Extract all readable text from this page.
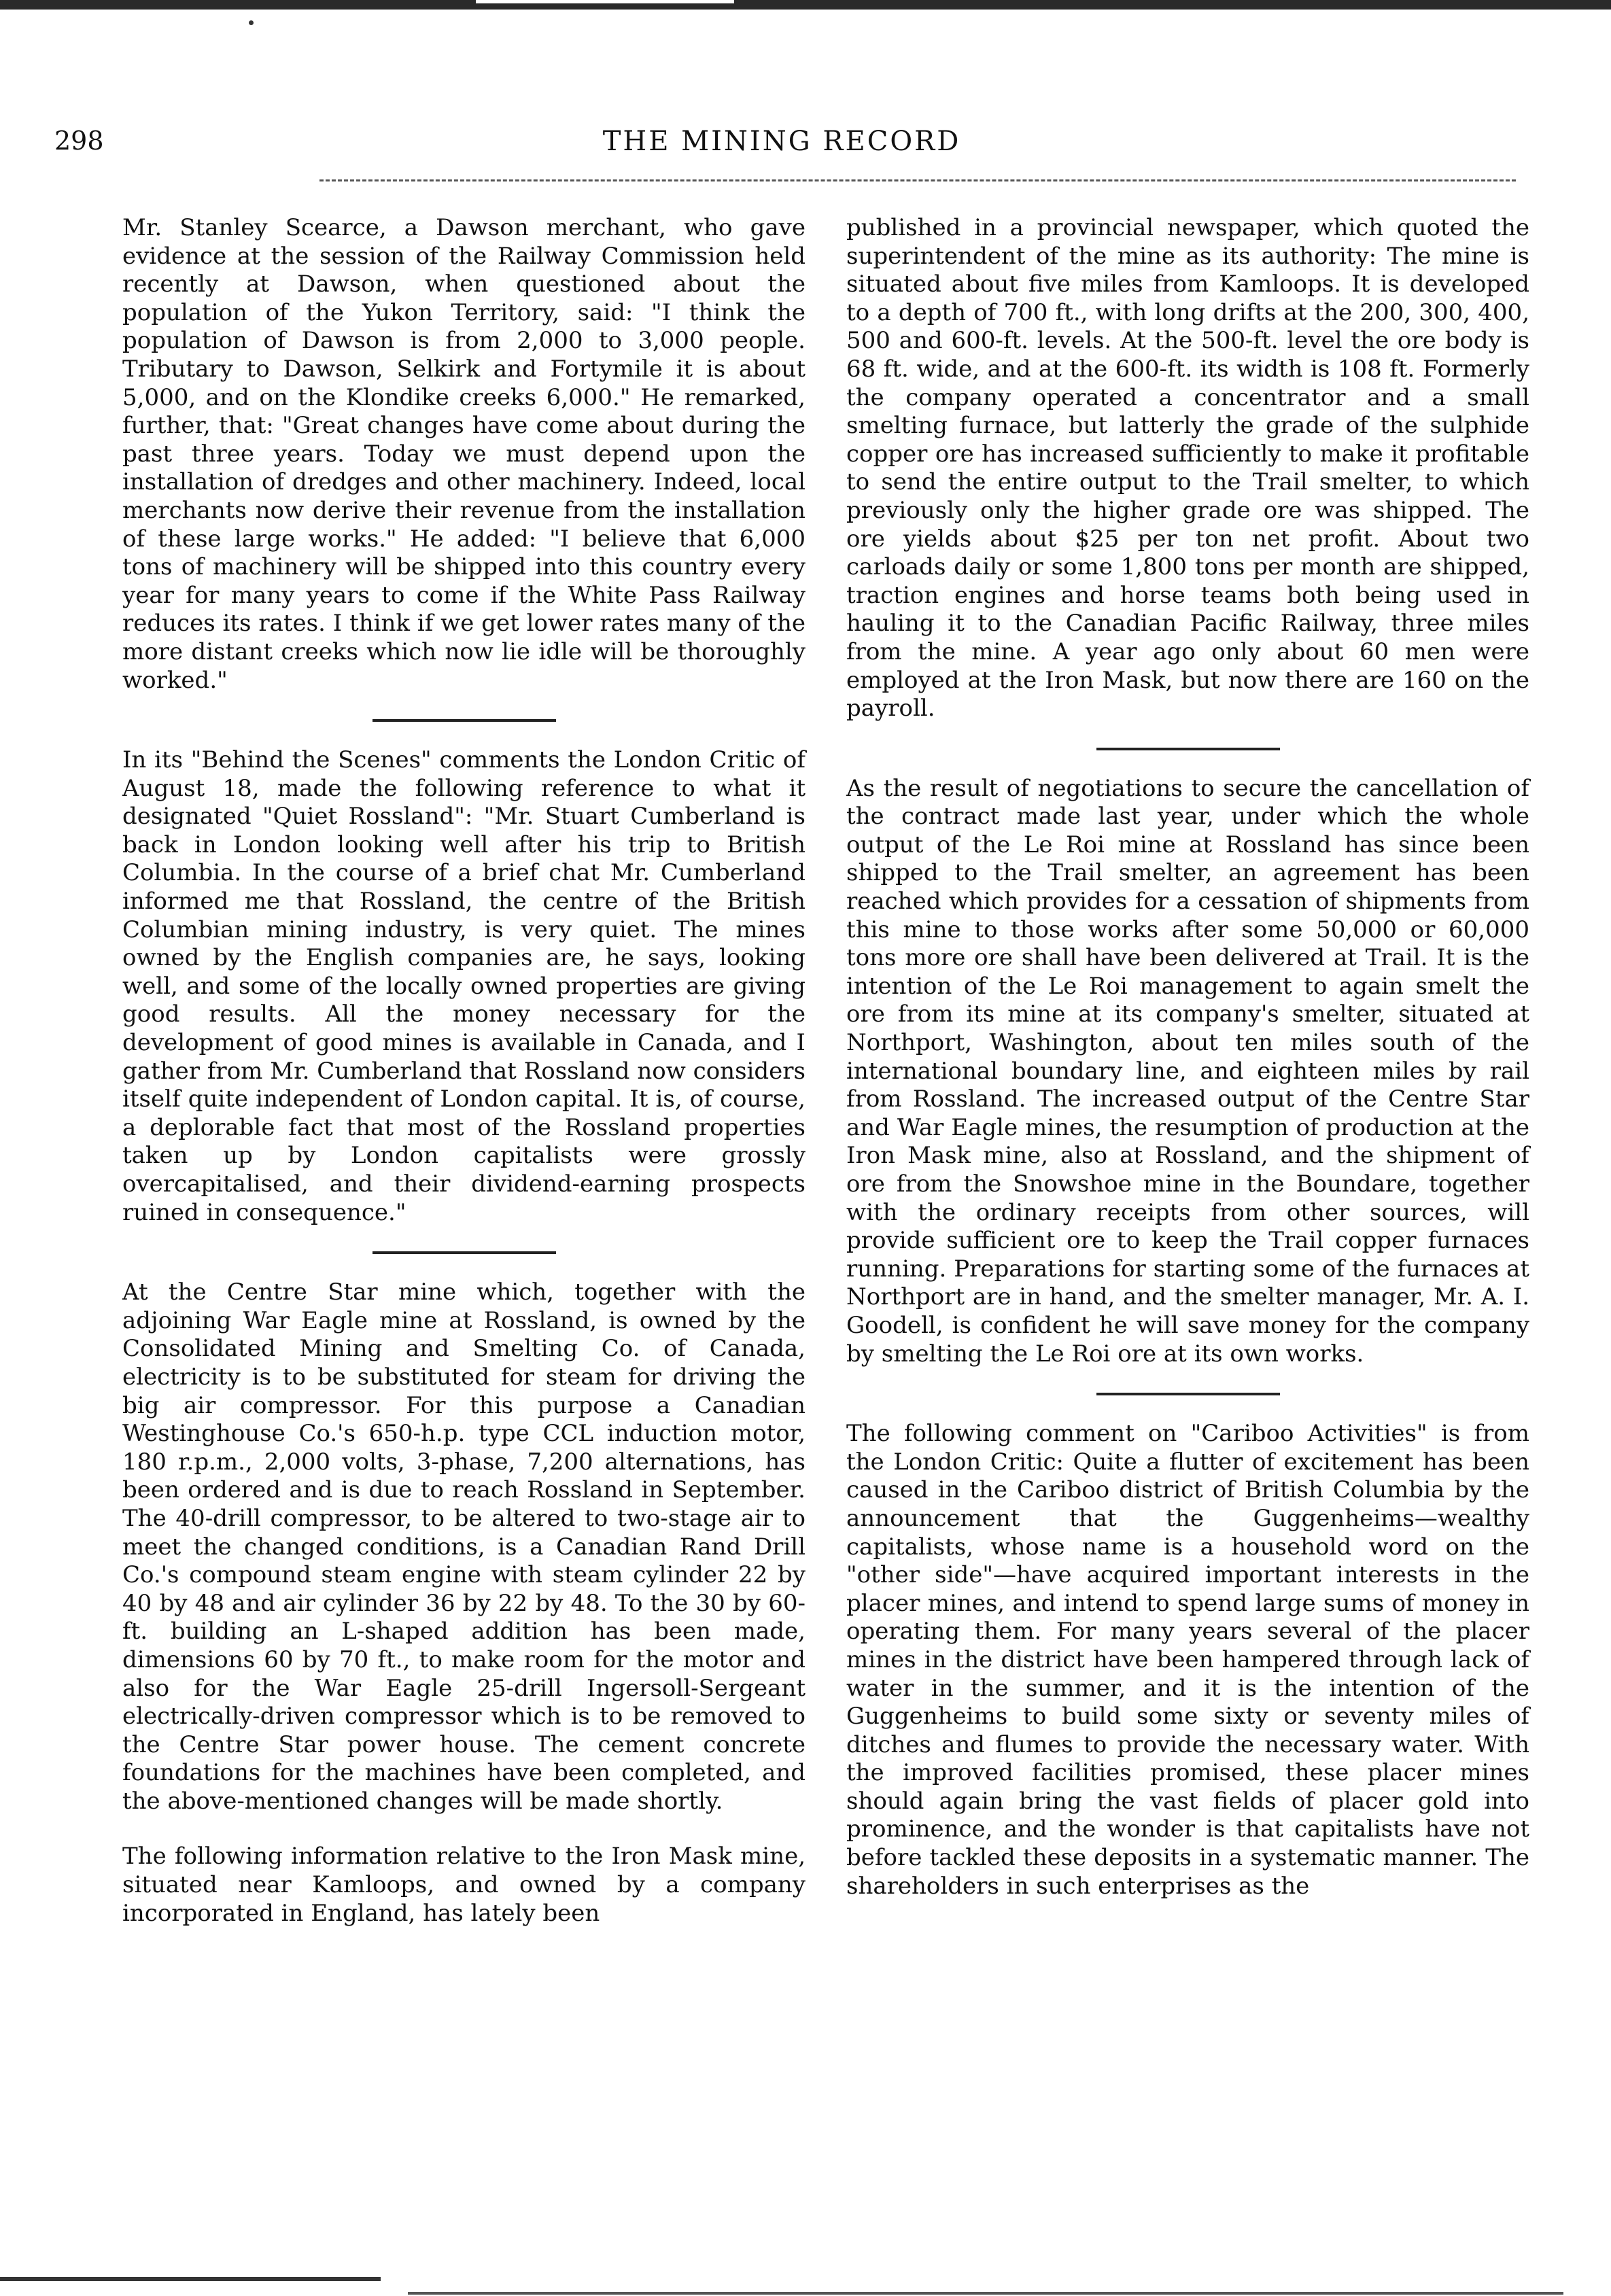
298	THE MINING RECORD

Mr. Stanley Scearce, a Dawson merchant, who gave evidence at the session of the Railway Commission held recently at Dawson, when questioned about the population of the Yukon Territory, said: "I think the population of Dawson is from 2,000 to 3,000 people. Tributary to Dawson, Selkirk and Fortymile it is about 5,000, and on the Klondike creeks 6,000." He remarked, further, that: "Great changes have come about during the past three years. Today we must depend upon the installation of dredges and other machinery. Indeed, local merchants now derive their revenue from the installation of these large works." He added: "I believe that 6,000 tons of machinery will be shipped into this country every year for many years to come if the White Pass Railway reduces its rates. I think if we get lower rates many of the more distant creeks which now lie idle will be thoroughly worked."

In its "Behind the Scenes" comments the London Critic of August 18, made the following reference to what it designated "Quiet Rossland": "Mr. Stuart Cumberland is back in London looking well after his trip to British Columbia. In the course of a brief chat Mr. Cumberland informed me that Rossland, the centre of the British Columbian mining industry, is very quiet. The mines owned by the English companies are, he says, looking well, and some of the locally owned properties are giving good results. All the money necessary for the development of good mines is available in Canada, and I gather from Mr. Cumberland that Rossland now considers itself quite independent of London capital. It is, of course, a deplorable fact that most of the Rossland properties taken up by London capitalists were grossly overcapitalised, and their dividend-earning prospects ruined in consequence."

At the Centre Star mine which, together with the adjoining War Eagle mine at Rossland, is owned by the Consolidated Mining and Smelting Co. of Canada, electricity is to be substituted for steam for driving the big air compressor. For this purpose a Canadian Westinghouse Co.'s 650-h.p. type CCL induction motor, 180 r.p.m., 2,000 volts, 3-phase, 7,200 alternations, has been ordered and is due to reach Rossland in September. The 40-drill compressor, to be altered to two-stage air to meet the changed conditions, is a Canadian Rand Drill Co.'s compound steam engine with steam cylinder 22 by 40 by 48 and air cylinder 36 by 22 by 48. To the 30 by 60-ft. building an L-shaped addition has been made, dimensions 60 by 70 ft., to make room for the motor and also for the War Eagle 25-drill Ingersoll-Sergeant electrically-driven compressor which is to be removed to the Centre Star power house. The cement concrete foundations for the machines have been completed, and the above-mentioned changes will be made shortly.

The following information relative to the Iron Mask mine, situated near Kamloops, and owned by a company incorporated in England, has lately been

published in a provincial newspaper, which quoted the superintendent of the mine as its authority: The mine is situated about five miles from Kamloops. It is developed to a depth of 700 ft., with long drifts at the 200, 300, 400, 500 and 600-ft. levels. At the 500-ft. level the ore body is 68 ft. wide, and at the 600-ft. its width is 108 ft. Formerly the company operated a concentrator and a small smelting furnace, but latterly the grade of the sulphide copper ore has increased sufficiently to make it profitable to send the entire output to the Trail smelter, to which previously only the higher grade ore was shipped. The ore yields about $25 per ton net profit. About two carloads daily or some 1,800 tons per month are shipped, traction engines and horse teams both being used in hauling it to the Canadian Pacific Railway, three miles from the mine. A year ago only about 60 men were employed at the Iron Mask, but now there are 160 on the payroll.

As the result of negotiations to secure the cancellation of the contract made last year, under which the whole output of the Le Roi mine at Rossland has since been shipped to the Trail smelter, an agreement has been reached which provides for a cessation of shipments from this mine to those works after some 50,000 or 60,000 tons more ore shall have been delivered at Trail. It is the intention of the Le Roi management to again smelt the ore from its mine at its company's smelter, situated at Northport, Washington, about ten miles south of the international boundary line, and eighteen miles by rail from Rossland. The increased output of the Centre Star and War Eagle mines, the resumption of production at the Iron Mask mine, also at Rossland, and the shipment of ore from the Snowshoe mine in the Boundare, together with the ordinary receipts from other sources, will provide sufficient ore to keep the Trail copper furnaces running. Preparations for starting some of the furnaces at Northport are in hand, and the smelter manager, Mr. A. I. Goodell, is confident he will save money for the company by smelting the Le Roi ore at its own works.

The following comment on "Cariboo Activities" is from the London Critic: Quite a flutter of excitement has been caused in the Cariboo district of British Columbia by the announcement that the Guggenheims—wealthy capitalists, whose name is a household word on the "other side"—have acquired important interests in the placer mines, and intend to spend large sums of money in operating them. For many years several of the placer mines in the district have been hampered through lack of water in the summer, and it is the intention of the Guggenheims to build some sixty or seventy miles of ditches and flumes to provide the necessary water. With the improved facilities promised, these placer mines should again bring the vast fields of placer gold into prominence, and the wonder is that capitalists have not before tackled these deposits in a systematic manner. The shareholders in such enterprises as the
